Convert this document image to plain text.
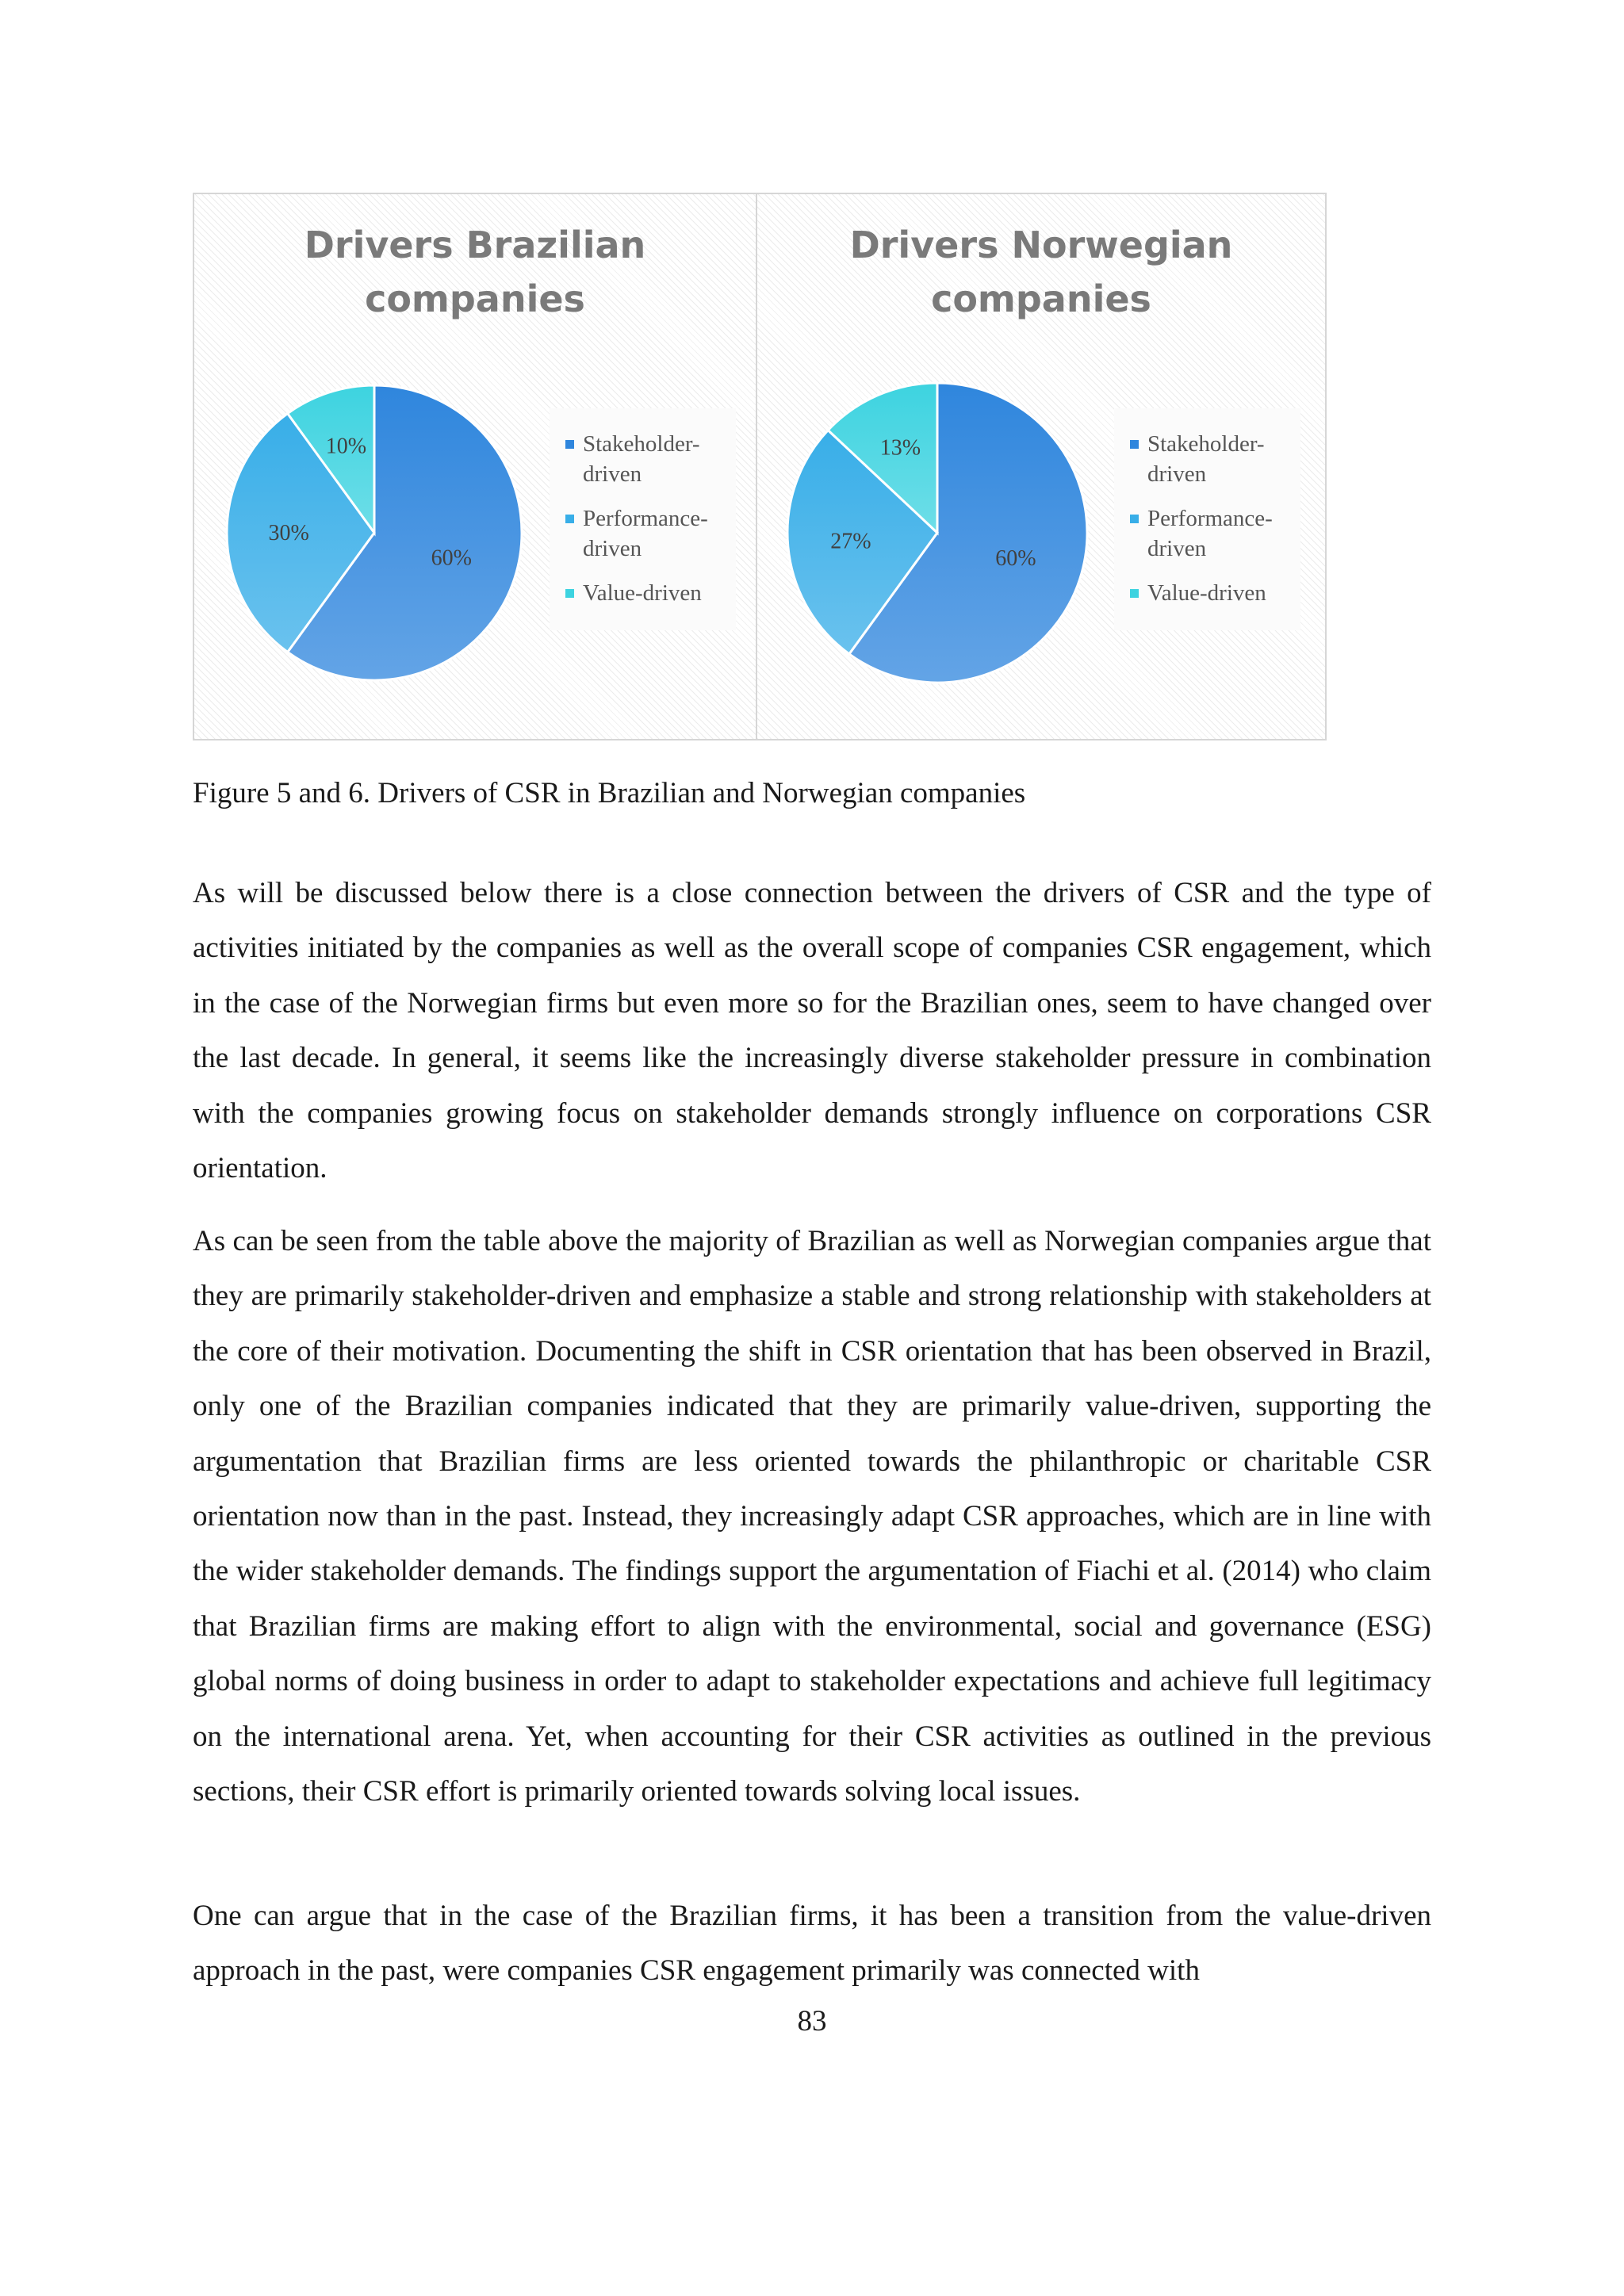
Drivers Brazilian companies
60%
30%
10%	Stakeholder-
driven
Performance-
driven
Value-driven
Drivers Norwegian companies
60%
27%
13%	Stakeholder-
driven
Performance-
driven
Value-driven
Figure 5 and 6. Drivers of CSR in Brazilian and Norwegian companies

As will be discussed below there is a close connection between the drivers of CSR and the type of activities initiated by the companies as well as the overall scope of companies CSR engagement, which in the case of the Norwegian firms but even more so for the Brazilian ones, seem to have changed over the last decade. In general, it seems like the increasingly diverse stakeholder pressure in combination with the companies growing focus on stakeholder demands strongly influence on corporations CSR orientation.

As can be seen from the table above the majority of Brazilian as well as Norwegian companies argue that they are primarily stakeholder-driven and emphasize a stable and strong relationship with stakeholders at the core of their motivation. Documenting the shift in CSR orientation that has been observed in Brazil, only one of the Brazilian companies indicated that they are primarily value-driven, supporting the argumentation that Brazilian firms are less oriented towards the philanthropic or charitable CSR orientation now than in the past. Instead, they increasingly adapt CSR approaches, which are in line with the wider stakeholder demands. The findings support the argumentation of Fiachi et al. (2014) who claim that Brazilian firms are making effort to align with the environmental, social and governance (ESG) global norms of doing business in order to adapt to stakeholder expectations and achieve full legitimacy on the international arena. Yet, when accounting for their CSR activities as outlined in the previous sections, their CSR effort is primarily oriented towards solving local issues.

One can argue that in the case of the Brazilian firms, it has been a transition from the value-driven approach in the past, were companies CSR engagement primarily was connected with

83
